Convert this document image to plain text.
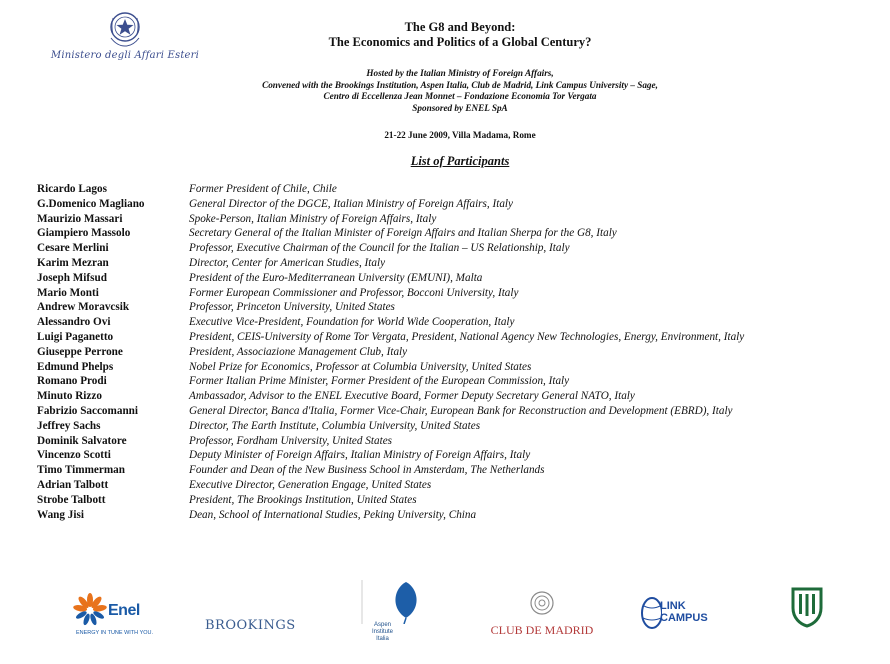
Ministero degli Affari Esteri
The G8 and Beyond:
The Economics and Politics of a Global Century?
Hosted by the Italian Ministry of Foreign Affairs,
Convened with the Brookings Institution, Aspen Italia, Club de Madrid, Link Campus University – Sage,
Centro di Eccellenza Jean Monnet – Fondazione Economia Tor Vergata
Sponsored by ENEL SpA
21-22 June 2009, Villa Madama, Rome
List of Participants
Ricardo Lagos	Former President of Chile, Chile
G.Domenico Magliano	General Director of the DGCE, Italian Ministry of Foreign Affairs, Italy
Maurizio Massari	Spoke-Person, Italian Ministry of Foreign Affairs, Italy
Giampiero Massolo	Secretary General of the Italian Minister of Foreign Affairs and Italian Sherpa for the G8, Italy
Cesare Merlini	Professor, Executive Chairman of the Council for the Italian – US Relationship, Italy
Karim Mezran	Director, Center for American Studies, Italy
Joseph Mifsud	President of the Euro-Mediterranean University (EMUNI), Malta
Mario Monti	Former European Commissioner and Professor, Bocconi University, Italy
Andrew Moravcsik	Professor, Princeton University, United States
Alessandro Ovi	Executive Vice-President, Foundation for World Wide Cooperation, Italy
Luigi Paganetto	President, CEIS-University of Rome Tor Vergata, President, National Agency New Technologies, Energy, Environment, Italy
Giuseppe Perrone	President, Associazione Management Club, Italy
Edmund Phelps	Nobel Prize for Economics, Professor at Columbia University, United States
Romano Prodi	Former Italian Prime Minister, Former President of the European Commission, Italy
Minuto Rizzo	Ambassador, Advisor to the ENEL Executive Board, Former Deputy Secretary General NATO, Italy
Fabrizio Saccomanni	General Director, Banca d'Italia, Former Vice-Chair, European Bank for Reconstruction and Development (EBRD), Italy
Jeffrey Sachs	Director, The Earth Institute, Columbia University, United States
Dominik Salvatore	Professor, Fordham University, United States
Vincenzo Scotti	Deputy Minister of Foreign Affairs, Italian Ministry of Foreign Affairs, Italy
Timo Timmerman	Founder and Dean of the New Business School in Amsterdam, The Netherlands
Adrian Talbott	Executive Director, Generation Engage, United States
Strobe Talbott	President, The Brookings Institution, United States
Wang Jisi	Dean, School of International Studies, Peking University, China
Enel
ENERGY IN TUNE WITH YOU.	BROOKINGS	Aspen
Institute
Italia
CLUB DE MADRID
LINK
CAMPUS
